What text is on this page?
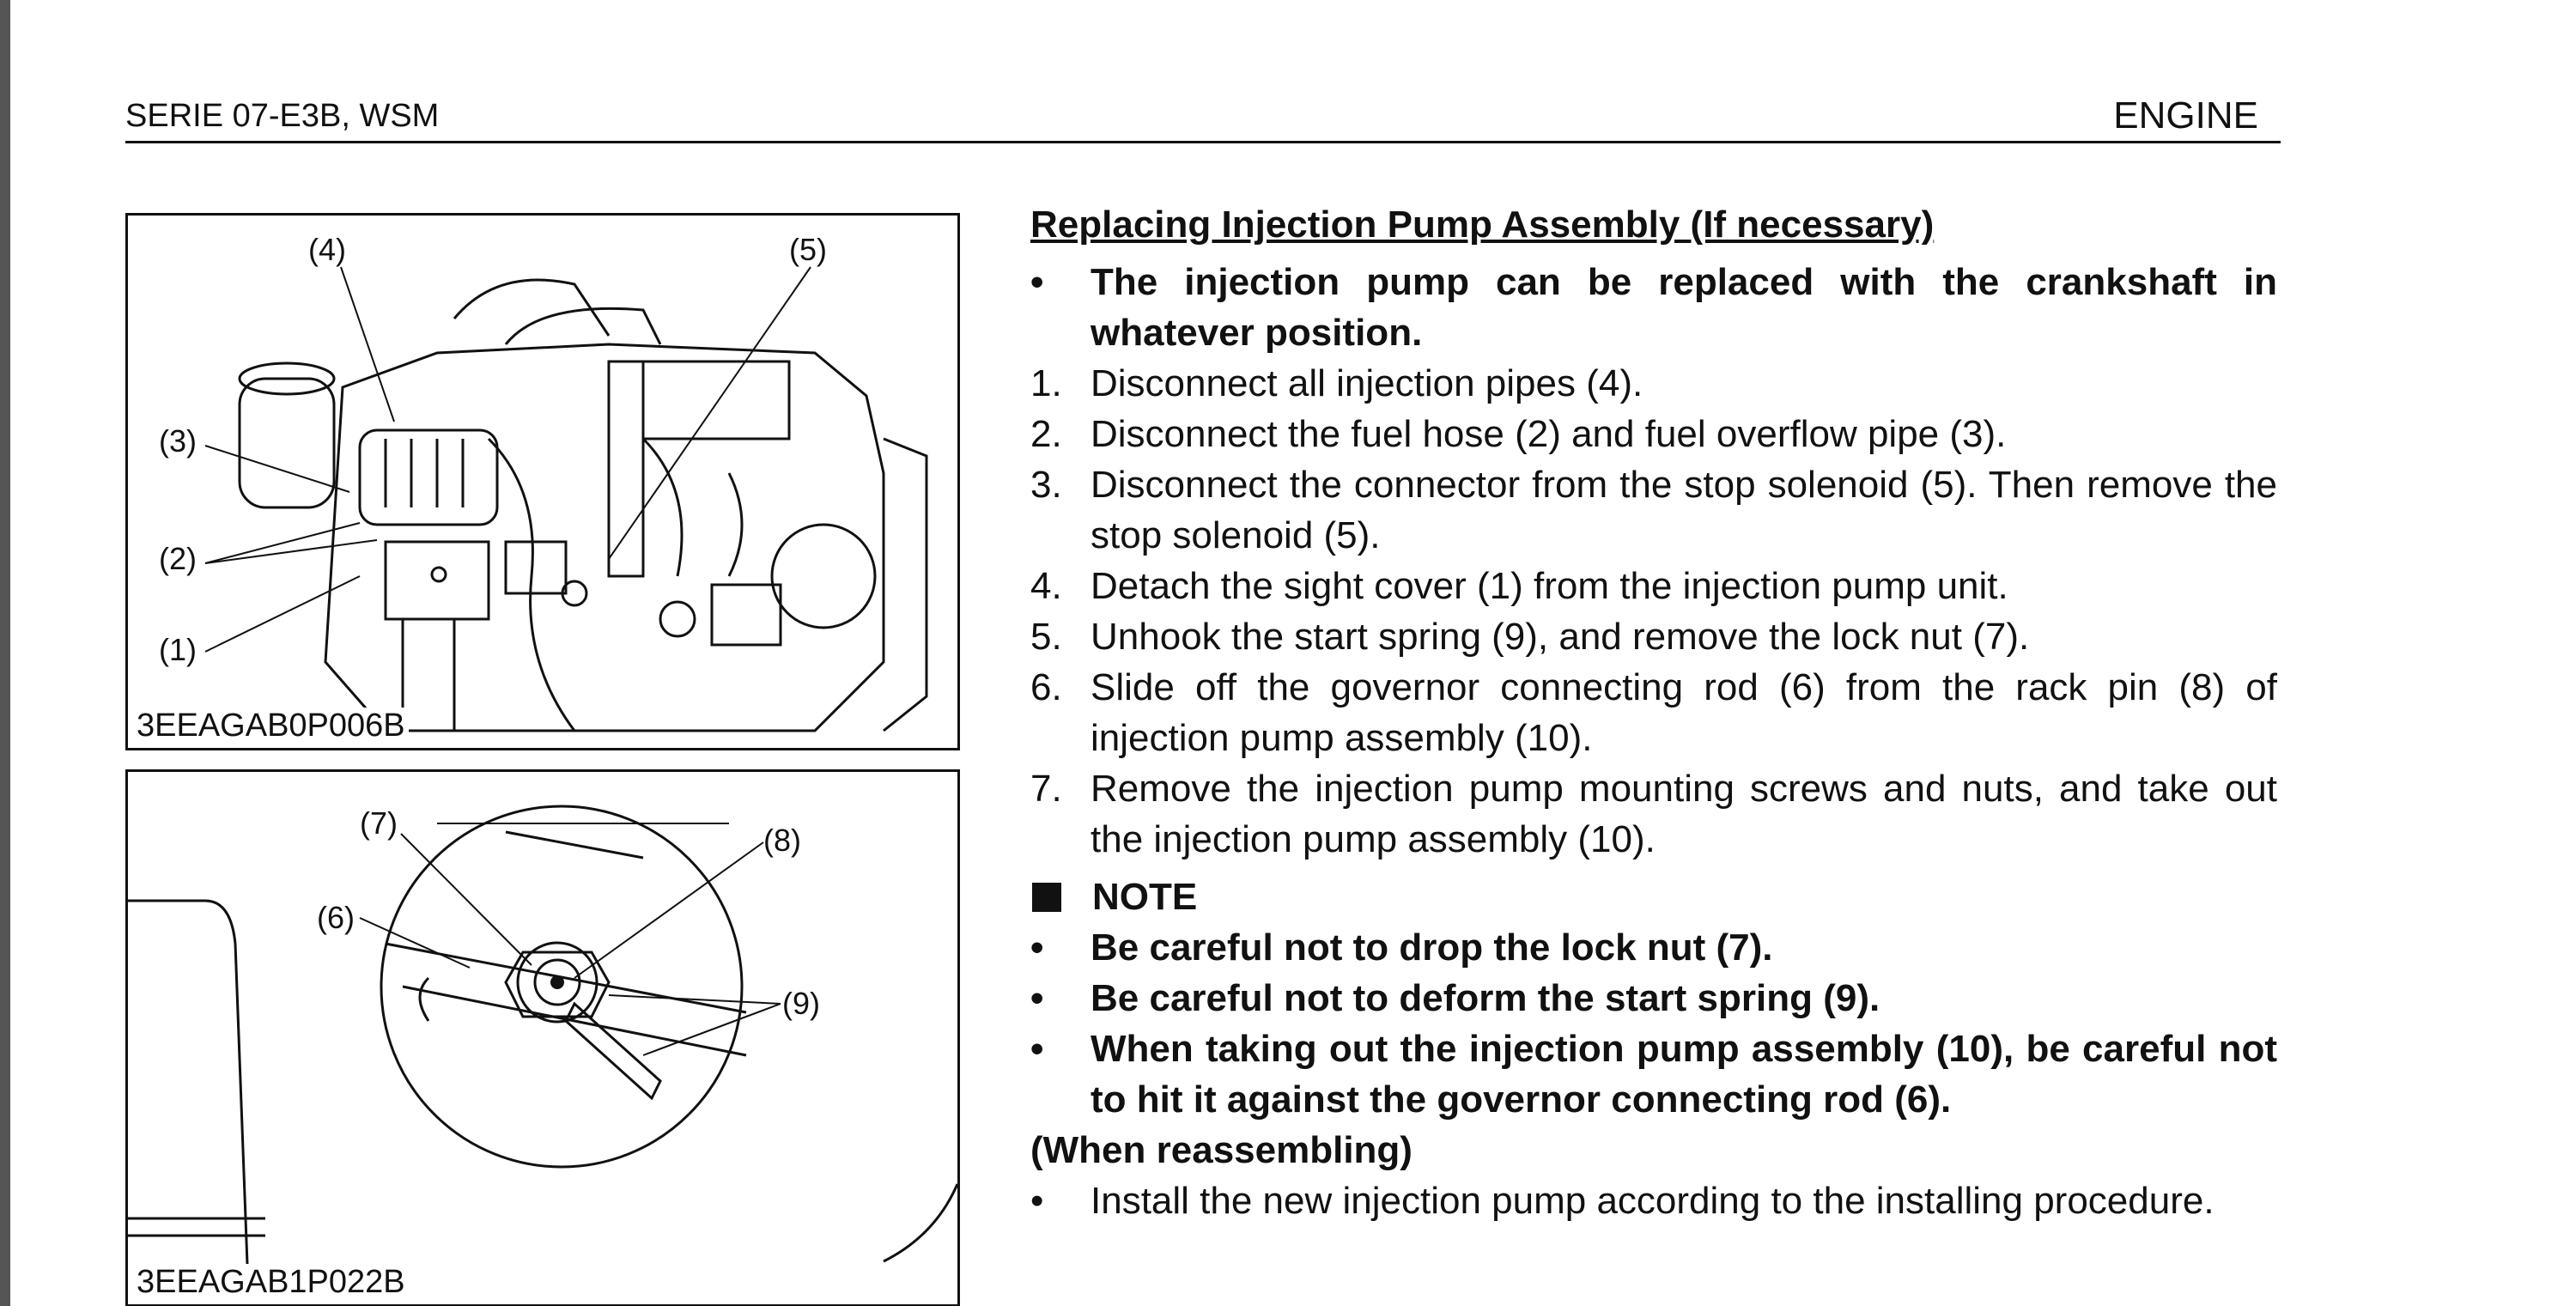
SERIE 07-E3B, WSM	ENGINE
(4)	(5)
(3)
(2)
(1)
3EEAGAB0P006B
(7)	(8)
(6)
(9)
3EEAGAB1P022B
Replacing Injection Pump Assembly (If necessary)
•	The injection pump can be replaced with the crankshaft in whatever position.
1. Disconnect all injection pipes (4).
2. Disconnect the fuel hose (2) and fuel overflow pipe (3).
3. Disconnect the connector from the stop solenoid (5). Then remove the stop solenoid (5).
4. Detach the sight cover (1) from the injection pump unit.
5. Unhook the start spring (9), and remove the lock nut (7).
6. Slide off the governor connecting rod (6) from the rack pin (8) of injection pump assembly (10).
7. Remove the injection pump mounting screws and nuts, and take out the injection pump assembly (10).
NOTE
•	Be careful not to drop the lock nut (7).
•	Be careful not to deform the start spring (9).
•	When taking out the injection pump assembly (10), be careful not to hit it against the governor connecting rod (6).
(When reassembling)
•	Install the new injection pump according to the installing procedure.
